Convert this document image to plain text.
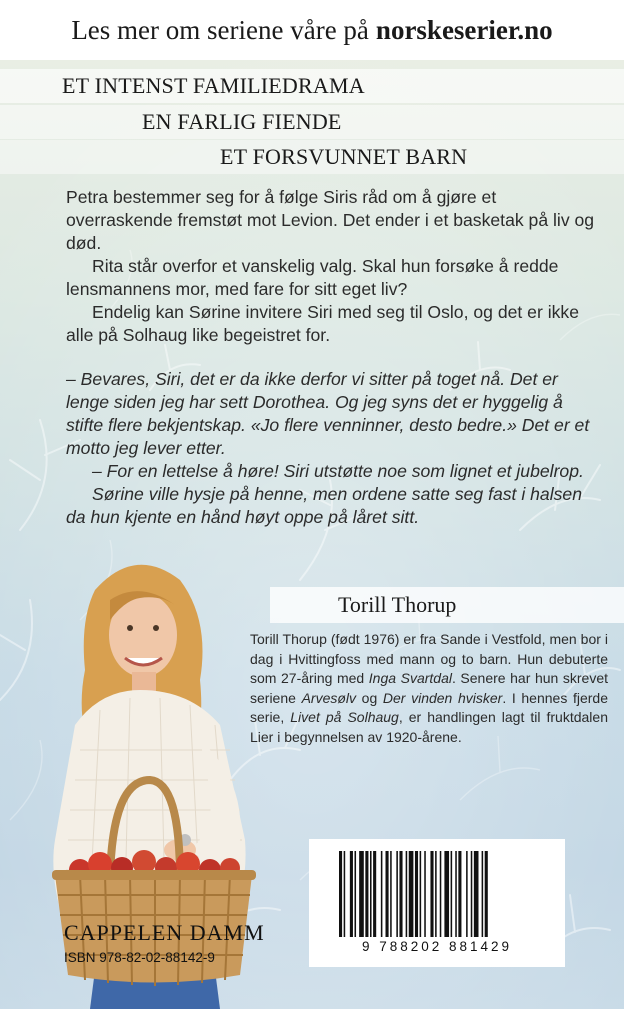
Les mer om seriene våre på norskeserier.no
ET INTENST FAMILIEDRAMA
EN FARLIG FIENDE
ET FORSVUNNET BARN

Petra bestemmer seg for å følge Siris råd om å gjøre et overraskende fremstøt mot Levion. Det ender i et basketak på liv og død.

Rita står overfor et vanskelig valg. Skal hun forsøke å redde lensmannens mor, med fare for sitt eget liv?

Endelig kan Sørine invitere Siri med seg til Oslo, og det er ikke alle på Solhaug like begeistret for.

– Bevares, Siri, det er da ikke derfor vi sitter på toget nå. Det er lenge siden jeg har sett Dorothea. Og jeg syns det er hyggelig å stifte flere bekjentskap. «Jo flere venninner, desto bedre.» Det er et motto jeg lever etter.

– For en lettelse å høre! Siri utstøtte noe som lignet et jubelrop.

Sørine ville hysje på henne, men ordene satte seg fast i halsen da hun kjente en hånd høyt oppe på låret sitt.

Torill Thorup
Torill Thorup (født 1976) er fra Sande i Vestfold, men bor i dag i Hvittingfoss med mann og to barn. Hun debuterte som 27-åring med Inga Svartdal. Senere har hun skrevet seriene Arvesølv og Der vinden hvisker. I hennes fjerde serie, Livet på Solhaug, er handlingen lagt til fruktdalen Lier i begynnelsen av 1920-årene.
9 788202 881429
CAPPELEN DAMM
ISBN 978-82-02-88142-9
